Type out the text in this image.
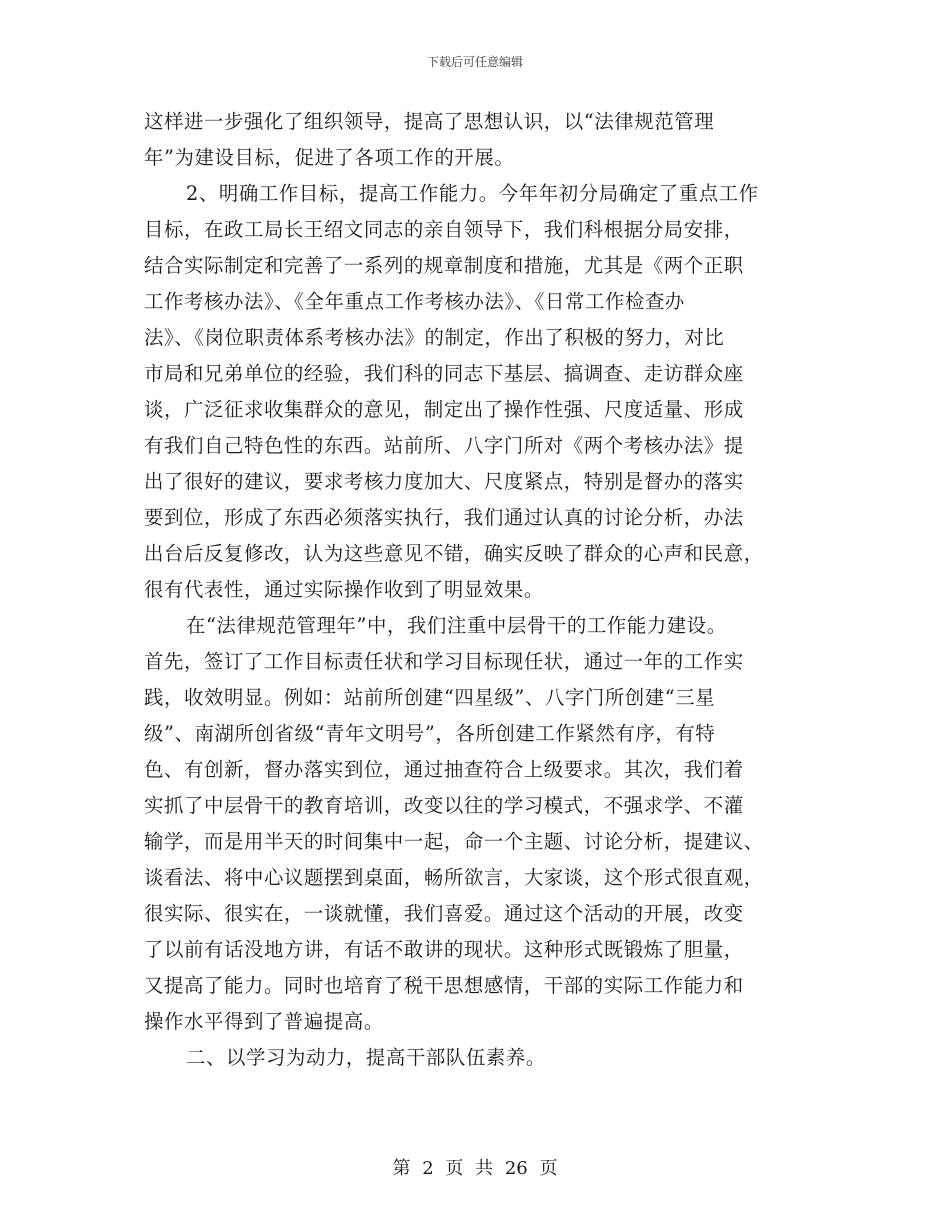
下载后可任意编辑
这样进一步强化了组织领导，提高了思想认识，以“法律规范管理
年”为建设目标，促进了各项工作的开展。
2、明确工作目标，提高工作能力。今年年初分局确定了重点工作
目标，在政工局长王绍文同志的亲自领导下，我们科根据分局安排，
结合实际制定和完善了一系列的规章制度和措施，尤其是《两个正职
工作考核办法》、《全年重点工作考核办法》、《日常工作检查办
法》、《岗位职责体系考核办法》的制定，作出了积极的努力，对比
市局和兄弟单位的经验，我们科的同志下基层、搞调查、走访群众座
谈，广泛征求收集群众的意见，制定出了操作性强、尺度适量、形成
有我们自己特色性的东西。站前所、八字门所对《两个考核办法》提
出了很好的建议，要求考核力度加大、尺度紧点，特别是督办的落实
要到位，形成了东西必须落实执行，我们通过认真的讨论分析，办法
出台后反复修改，认为这些意见不错，确实反映了群众的心声和民意，
很有代表性，通过实际操作收到了明显效果。
在“法律规范管理年”中，我们注重中层骨干的工作能力建设。
首先，签订了工作目标责任状和学习目标现任状，通过一年的工作实
践，收效明显。例如：站前所创建“四星级”、八字门所创建“三星
级”、南湖所创省级“青年文明号”，各所创建工作紧然有序，有特
色、有创新，督办落实到位，通过抽查符合上级要求。其次，我们着
实抓了中层骨干的教育培训，改变以往的学习模式，不强求学、不灌
输学，而是用半天的时间集中一起，命一个主题、讨论分析，提建议、
谈看法、将中心议题摆到桌面，畅所欲言，大家谈，这个形式很直观，
很实际、很实在，一谈就懂，我们喜爱。通过这个活动的开展，改变
了以前有话没地方讲，有话不敢讲的现状。这种形式既锻炼了胆量，
又提高了能力。同时也培育了税干思想感情，干部的实际工作能力和
操作水平得到了普遍提高。
二、以学习为动力，提高干部队伍素养。
第 2 页 共 26 页
